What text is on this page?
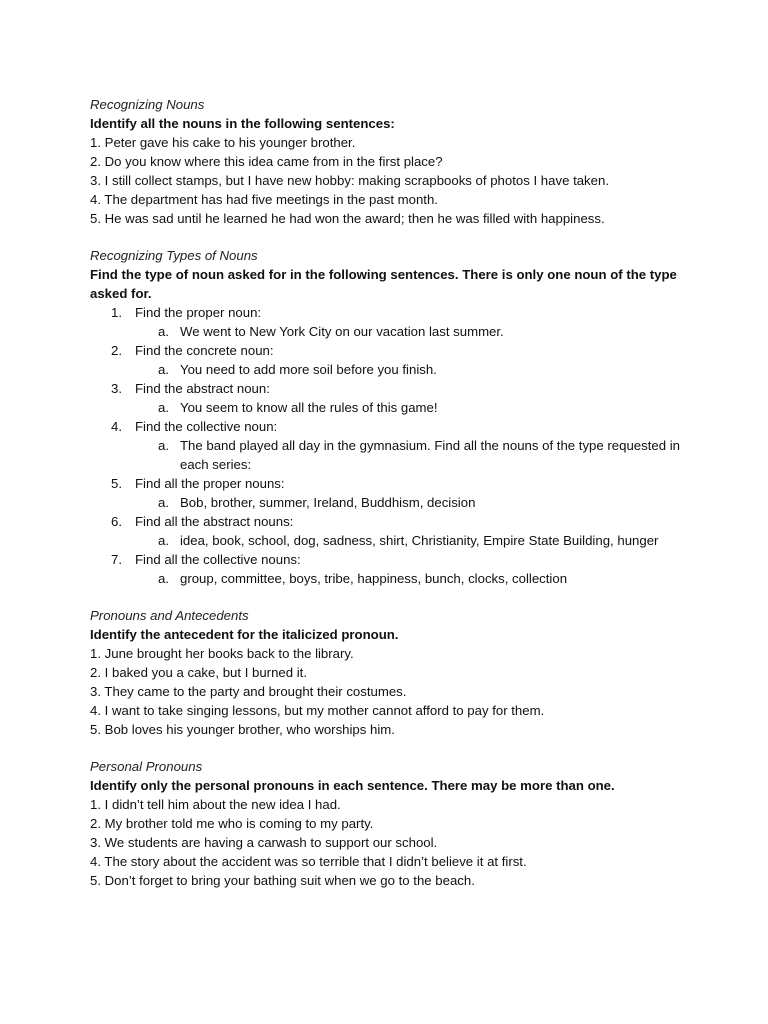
Recognizing Nouns
Identify all the nouns in the following sentences:
1. Peter gave his cake to his younger brother.
2. Do you know where this idea came from in the first place?
3. I still collect stamps, but I have new hobby: making scrapbooks of photos I have taken.
4. The department has had five meetings in the past month.
5. He was sad until he learned he had won the award; then he was filled with happiness.
Recognizing Types of Nouns
Find the type of noun asked for in the following sentences. There is only one noun of the type asked for.
1. Find the proper noun:
a. We went to New York City on our vacation last summer.
2. Find the concrete noun:
a. You need to add more soil before you finish.
3. Find the abstract noun:
a. You seem to know all the rules of this game!
4. Find the collective noun:
a. The band played all day in the gymnasium. Find all the nouns of the type requested in each series:
5. Find all the proper nouns:
a. Bob, brother, summer, Ireland, Buddhism, decision
6. Find all the abstract nouns:
a. idea, book, school, dog, sadness, shirt, Christianity, Empire State Building, hunger
7. Find all the collective nouns:
a. group, committee, boys, tribe, happiness, bunch, clocks, collection
Pronouns and Antecedents
Identify the antecedent for the italicized pronoun.
1. June brought her books back to the library.
2. I baked you a cake, but I burned it.
3. They came to the party and brought their costumes.
4. I want to take singing lessons, but my mother cannot afford to pay for them.
5. Bob loves his younger brother, who worships him.
Personal Pronouns
Identify only the personal pronouns in each sentence. There may be more than one.
1. I didn’t tell him about the new idea I had.
2. My brother told me who is coming to my party.
3. We students are having a carwash to support our school.
4. The story about the accident was so terrible that I didn’t believe it at first.
5. Don’t forget to bring your bathing suit when we go to the beach.
